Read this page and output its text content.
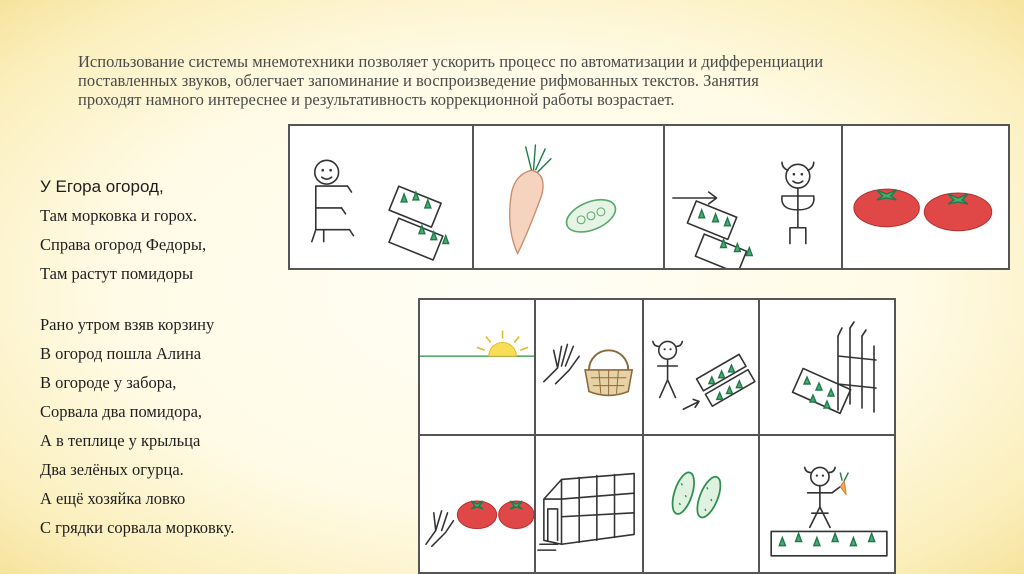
Использование системы мнемотехники позволяет ускорить процесс по автоматизации и дифференциации
поставленных звуков, облегчает запоминание и воспроизведение рифмованных текстов. Занятия
проходят намного интереснее и результативность коррекционной работы возрастает.
У Егора огород,
Там морковка и горох.
Справа огород Федоры,
Там растут помидоры
Рано утром взяв корзину
В огород пошла Алина
В огороде у забора,
Сорвала два помидора,
А в теплице у крыльца
Два зелёных огурца.
А ещё хозяйка ловко
С грядки сорвала морковку.
